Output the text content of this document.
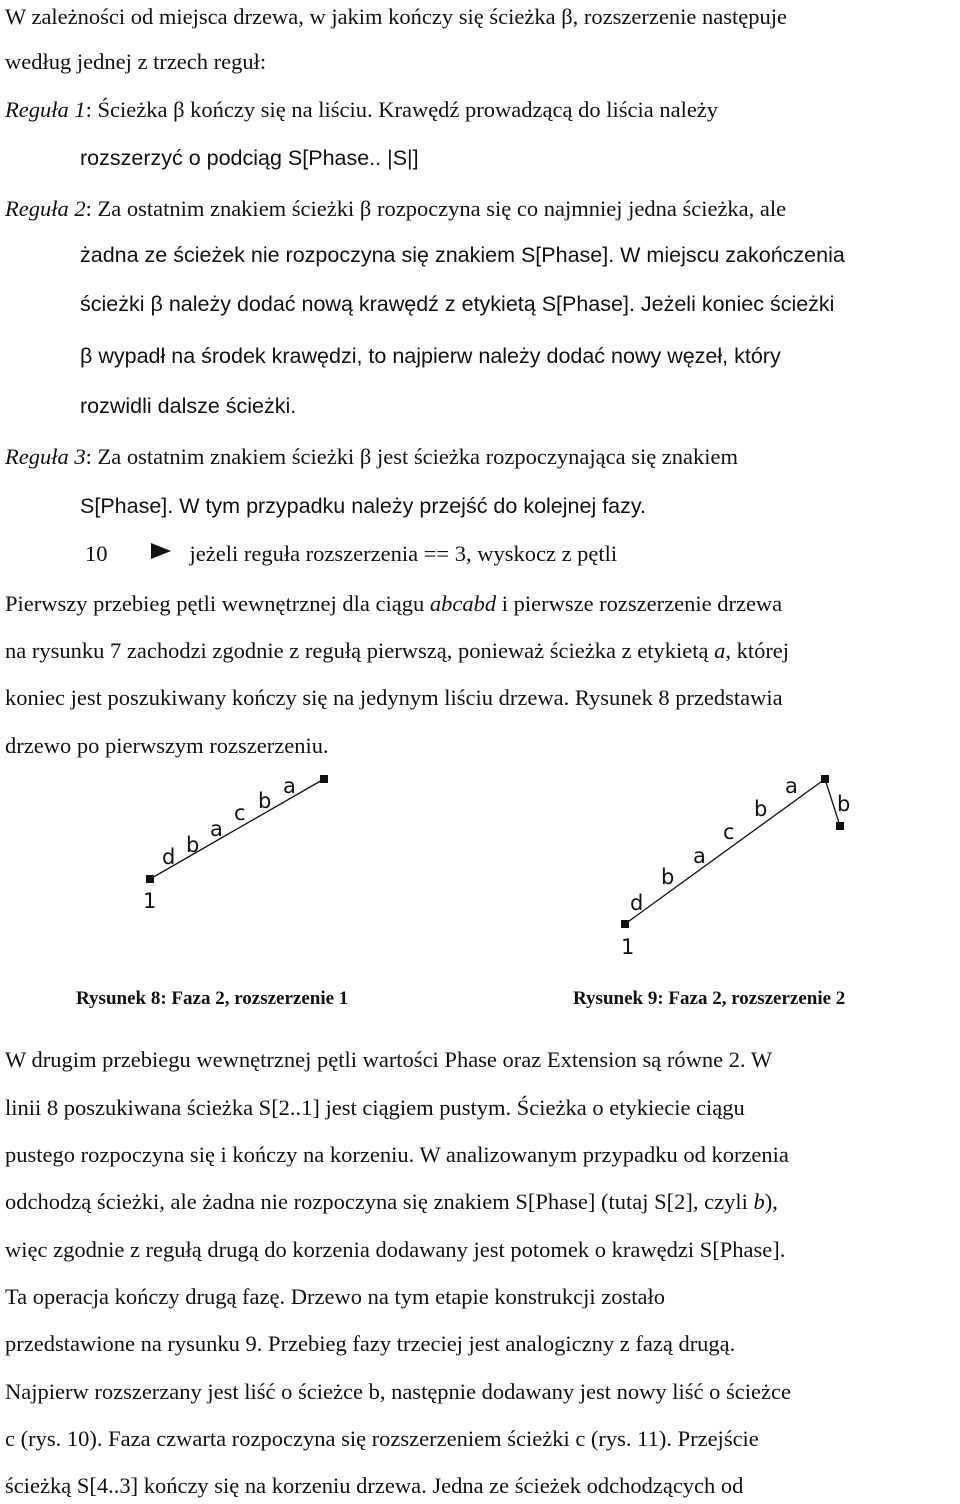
W zależności od miejsca drzewa, w jakim kończy się ścieżka β, rozszerzenie następuje

według jednej z trzech reguł:

Reguła 1: Ścieżka β kończy się na liściu. Krawędź prowadzącą do liścia należy

rozszerzyć o podciąg S[Phase.. |S|]

Reguła 2: Za ostatnim znakiem ścieżki β rozpoczyna się co najmniej jedna ścieżka, ale

żadna ze ścieżek nie rozpoczyna się znakiem S[Phase]. W miejscu zakończenia

ścieżki β należy dodać nową krawędź z etykietą S[Phase]. Jeżeli koniec ścieżki

β wypadł na środek krawędzi, to najpierw należy dodać nowy węzeł, który

rozwidli dalsze ścieżki.

Reguła 3: Za ostatnim znakiem ścieżki β jest ścieżka rozpoczynająca się znakiem

S[Phase]. W tym przypadku należy przejść do kolejnej fazy.

10	jeżeli reguła rozszerzenia == 3, wyskocz z pętli

Pierwszy przebieg pętli wewnętrznej dla ciągu abcabd i pierwsze rozszerzenie drzewa

na rysunku 7 zachodzi zgodnie z regułą pierwszą, ponieważ ścieżka z etykietą a, której

koniec jest poszukiwany kończy się na jedynym liściu drzewa. Rysunek 8 przedstawia

drzewo po pierwszym rozszerzeniu.

1
d b
a
c b
a
1
d
b
a
c
b
a
b
Rysunek 8: Faza 2, rozszerzenie 1	Rysunek 9: Faza 2, rozszerzenie 2

W drugim przebiegu wewnętrznej pętli wartości Phase oraz Extension są równe 2. W

linii 8 poszukiwana ścieżka S[2..1] jest ciągiem pustym. Ścieżka o etykiecie ciągu

pustego rozpoczyna się i kończy na korzeniu. W analizowanym przypadku od korzenia

odchodzą ścieżki, ale żadna nie rozpoczyna się znakiem S[Phase] (tutaj S[2], czyli b),

więc zgodnie z regułą drugą do korzenia dodawany jest potomek o krawędzi S[Phase].

Ta operacja kończy drugą fazę. Drzewo na tym etapie konstrukcji zostało

przedstawione na rysunku 9. Przebieg fazy trzeciej jest analogiczny z fazą drugą.

Najpierw rozszerzany jest liść o ścieżce b, następnie dodawany jest nowy liść o ścieżce

c (rys. 10). Faza czwarta rozpoczyna się rozszerzeniem ścieżki c (rys. 11). Przejście

ścieżką S[4..3] kończy się na korzeniu drzewa. Jedna ze ścieżek odchodzących od
